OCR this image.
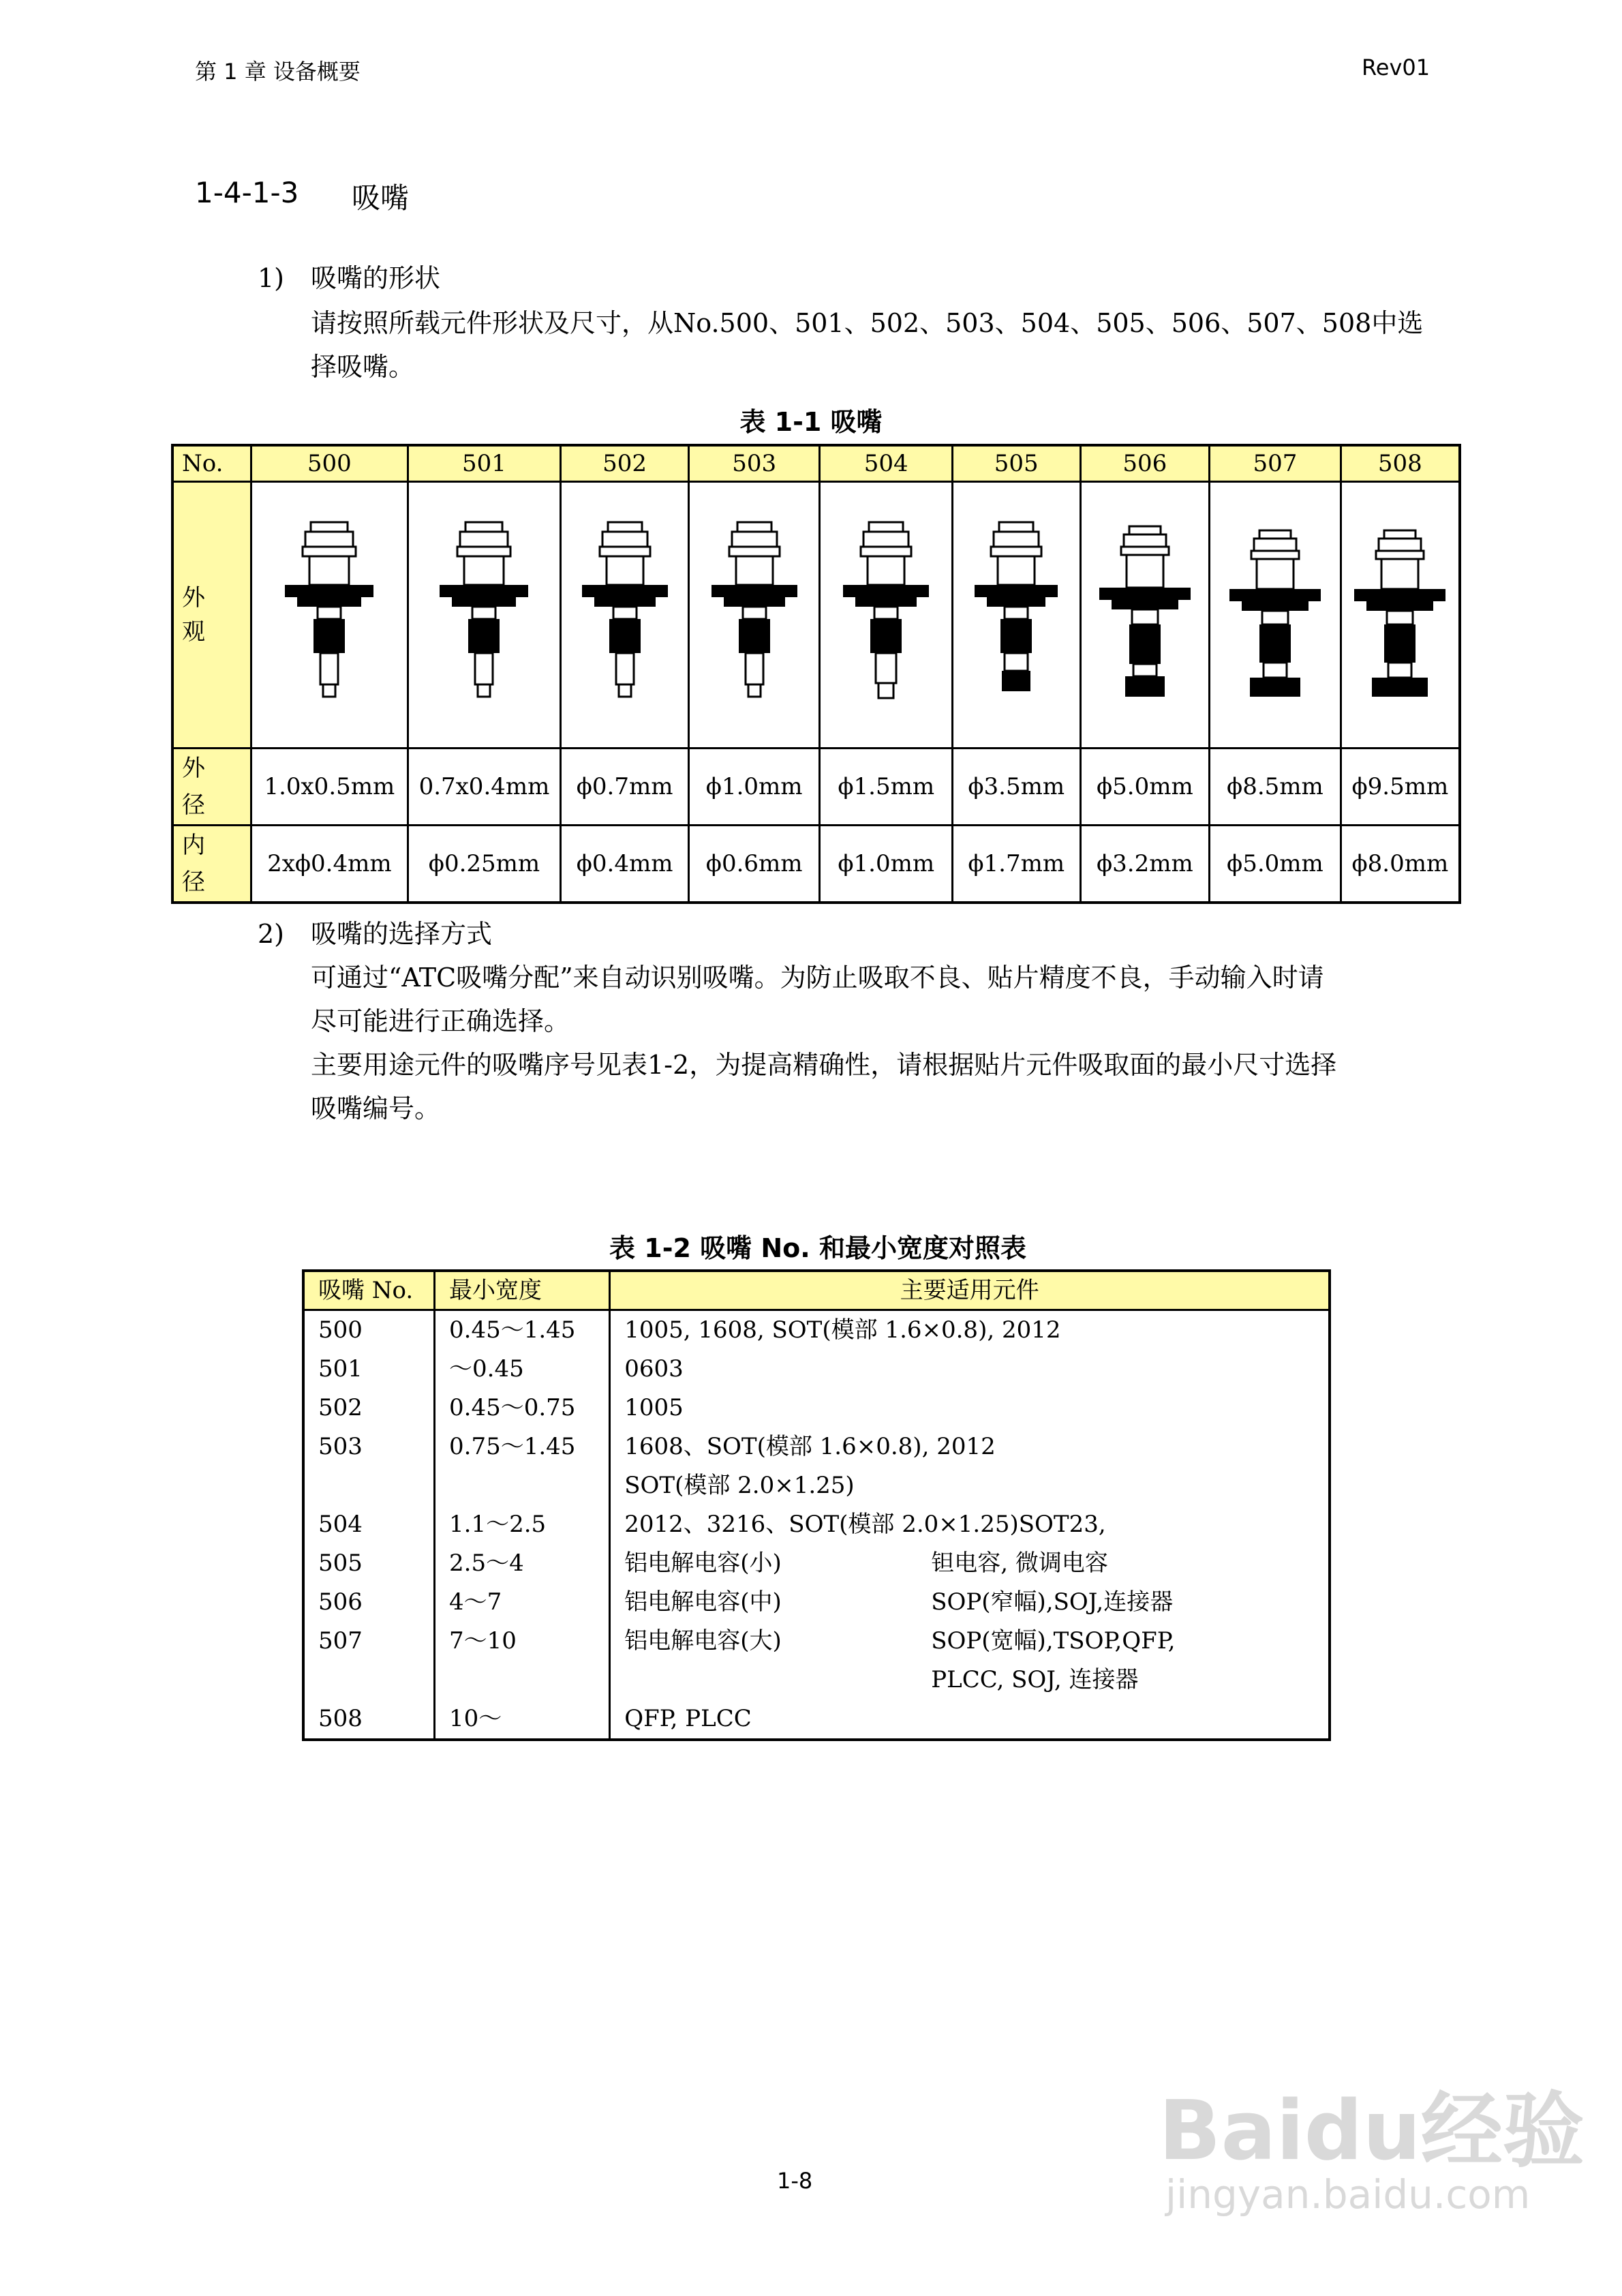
第 1 章 设备概要	Rev01
1-4-1-3 吸嘴
1) 吸嘴的形状
请按照所载元件形状及尺寸，从No.500、501、502、503、504、505、506、507、508中选
择吸嘴。
表 1-1 吸嘴
No.	500	501	502	503	504	505	506	507	508

外
观

外
径	1.0x0.5mm	0.7x0.4mm	ϕ0.7mm	ϕ1.0mm	ϕ1.5mm	ϕ3.5mm	ϕ5.0mm	ϕ8.5mm	ϕ9.5mm

内
径	2xϕ0.4mm	ϕ0.25mm	ϕ0.4mm	ϕ0.6mm	ϕ1.0mm	ϕ1.7mm	ϕ3.2mm	ϕ5.0mm	ϕ8.0mm
2) 吸嘴的选择方式
可通过“ATC吸嘴分配”来自动识别吸嘴。为防止吸取不良、贴片精度不良，手动输入时请
尽可能进行正确选择。
主要用途元件的吸嘴序号见表1-2，为提高精确性，请根据贴片元件吸取面的最小尺寸选择
吸嘴编号。
表 1-2 吸嘴 No. 和最小宽度对照表
吸嘴 No.	最小宽度	主要适用元件
500	0.45～1.45	1005, 1608, SOT(模部 1.6×0.8), 2012
501	～0.45	0603
502	0.45～0.75	1005
503	0.75～1.45	1608、SOT(模部 1.6×0.8), 2012
		SOT(模部 2.0×1.25)
504	1.1～2.5	2012、3216、SOT(模部 2.0×1.25)SOT23,
505	2.5～4	铝电解电容(小) 钽电容, 微调电容
506	4～7	铝电解电容(中) SOP(窄幅),SOJ,连接器
507	7～10	铝电解电容(大) SOP(宽幅),TSOP,QFP,
		PLCC, SOJ, 连接器
508	10～	QFP, PLCC
1-8
Baidu经验
jingyan.baidu.com
